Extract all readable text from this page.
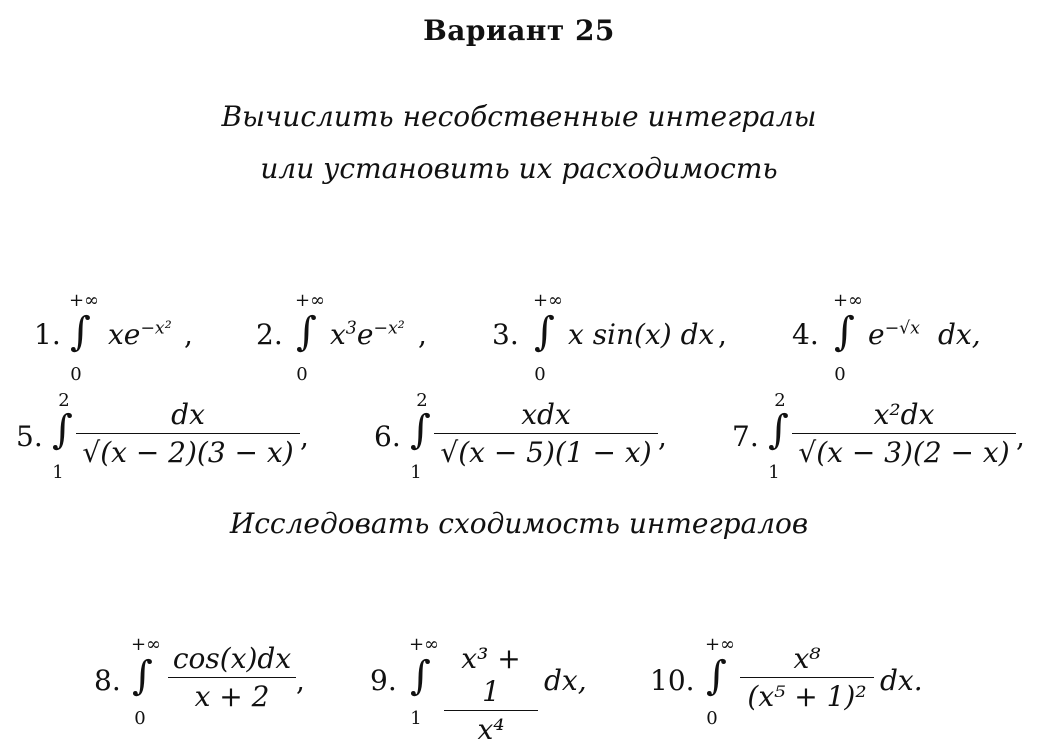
Вариант 25
Вычислить несобственные интегралы
или установить их расходимость
1.
+∞
∫
0
$xe^{-x^2}$ , 2.
+∞
∫
0
$x^3e^{-x^2}$ , 3.
+∞
∫
0
x sin(x) dx , 4.
+∞
∫
0
$e^{-√x}$ dx,
5.
2
∫
1
$\frac{dx}{√(x - 2)(3 - x)}$ , 6.
2
∫
1
xdx
√(x − 5)(1 − x) , 7.
2
∫
1
$\frac{\text{x²dx}}{√(x - 3)(2 - x)}$ ,
Исследовать сходимость интегралов
8.
+∞
∫
0
$\frac{\cos(x)dx}{x + 2}$ , 9.
+∞
∫
$1 \frac{\text{x³ + 1}}{\text{x⁴}}$ dx, 10.
+∞
∫
0
$\frac{\text{x⁸}}{\text{(x⁵ + 1)²}}$ dx.
